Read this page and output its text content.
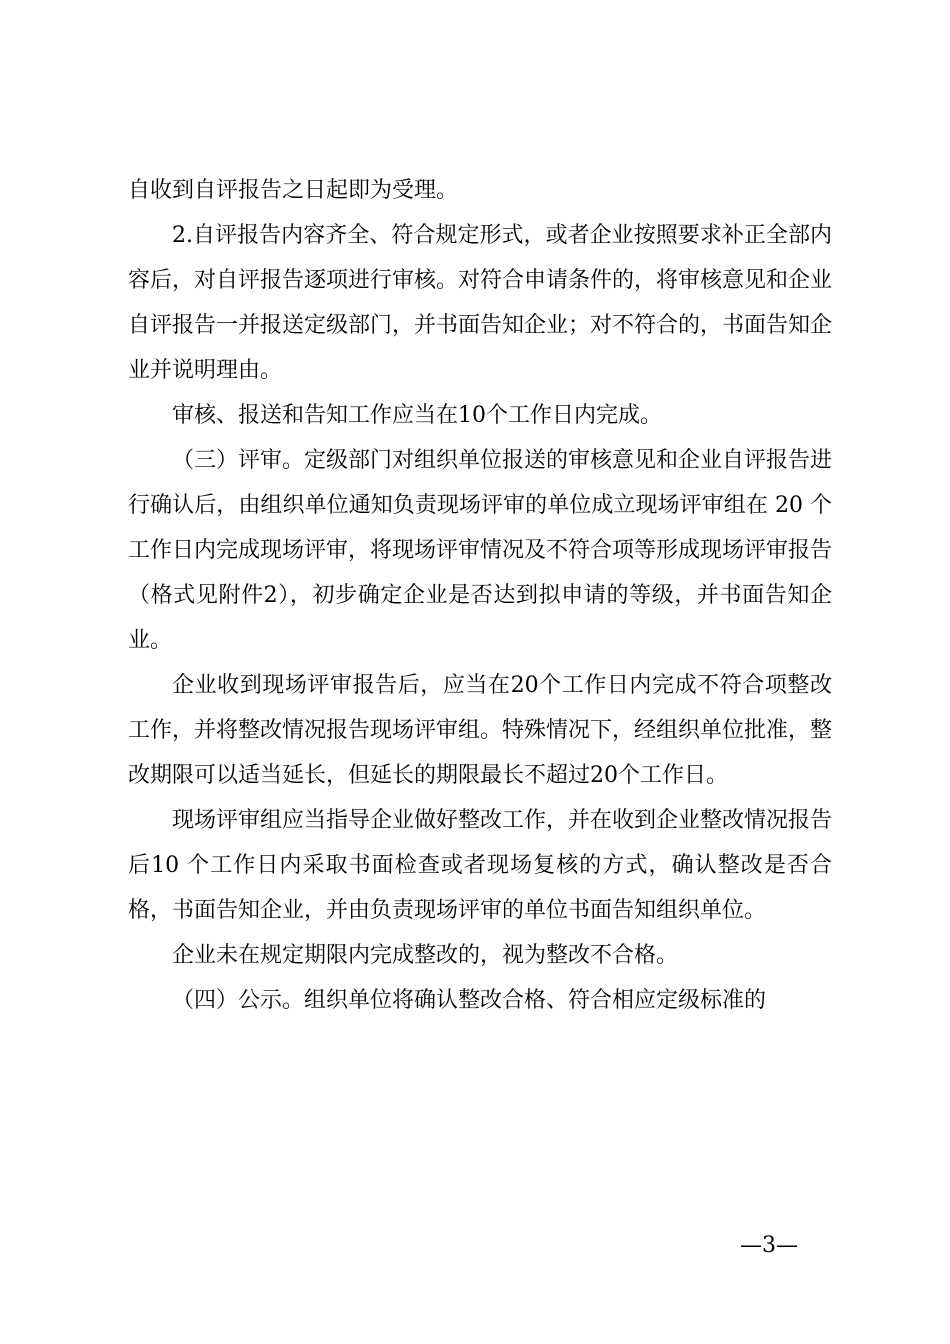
自收到自评报告之日起即为受理。

2.自评报告内容齐全、符合规定形式，或者企业按照要求补正全部内容后，对自评报告逐项进行审核。对符合申请条件的，将审核意见和企业自评报告一并报送定级部门，并书面告知企业；对不符合的，书面告知企业并说明理由。

审核、报送和告知工作应当在10个工作日内完成。

（三）评审。定级部门对组织单位报送的审核意见和企业自评报告进行确认后，由组织单位通知负责现场评审的单位成立现场评审组在 20 个工作日内完成现场评审，将现场评审情况及不符合项等形成现场评审报告（格式见附件2），初步确定企业是否达到拟申请的等级，并书面告知企业。

企业收到现场评审报告后，应当在20个工作日内完成不符合项整改工作，并将整改情况报告现场评审组。特殊情况下，经组织单位批准，整改期限可以适当延长，但延长的期限最长不超过20个工作日。

现场评审组应当指导企业做好整改工作，并在收到企业整改情况报告后10 个工作日内采取书面检查或者现场复核的方式，确认整改是否合格，书面告知企业，并由负责现场评审的单位书面告知组织单位。

企业未在规定期限内完成整改的，视为整改不合格。

（四）公示。组织单位将确认整改合格、符合相应定级标准的

—3—
